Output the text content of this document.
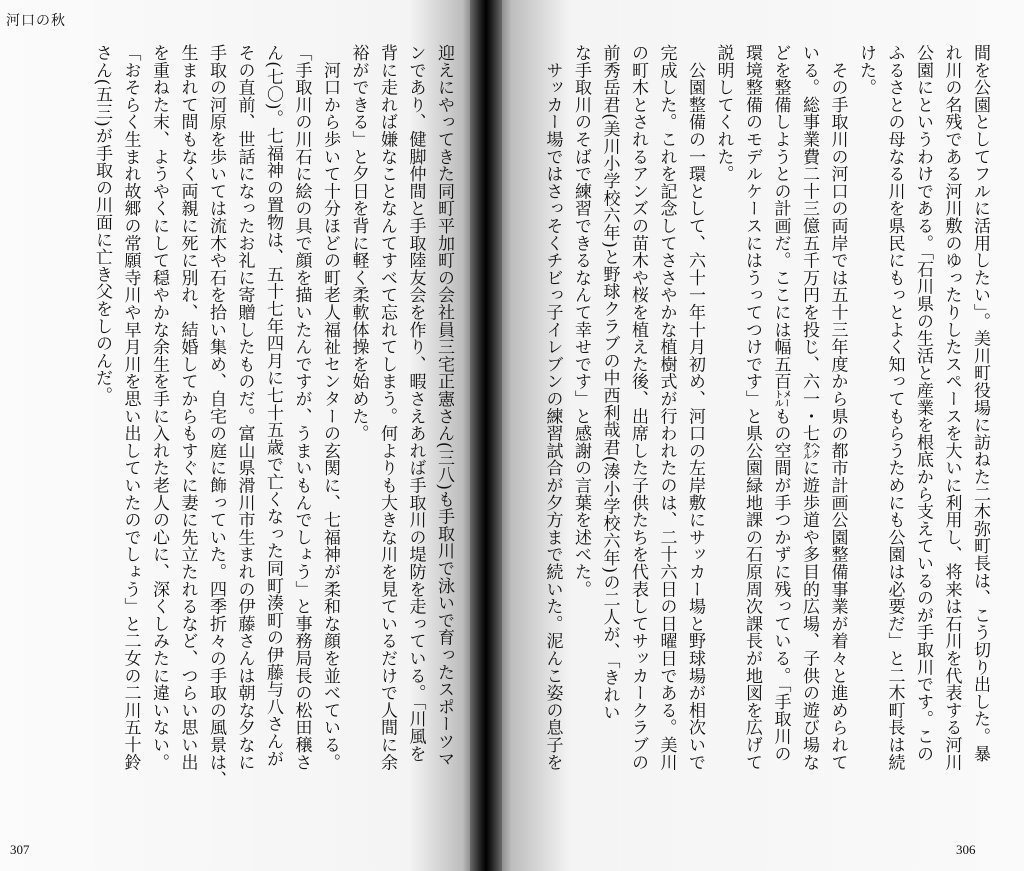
河口の秋
迎えにやってきた同町平加町の会社員三宅正憲さん(三八)も手取川で泳いで育ったスポーツマ
ンであり、健脚仲間と手取陸友会を作り、暇さえあれば手取川の堤防を走っている。「川風を
背に走れば嫌なことなんてすべて忘れてしまう。何よりも大きな川を見ているだけで人間に余
裕ができる」と夕日を背に軽く柔軟体操を始めた。
　河口から歩いて十分ほどの町老人福祉センターの玄関に、七福神が柔和な顔を並べている。
「手取川の川石に絵の具で顔を描いたんですが、うまいもんでしょう」と事務局長の松田穣さ
ん(七〇)。七福神の置物は、五十七年四月に七十五歳で亡くなった同町湊町の伊藤与八さんが
その直前、世話になったお礼に寄贈したものだ。富山県滑川市生まれの伊藤さんは朝な夕なに
手取の河原を歩いては流木や石を拾い集め、自宅の庭に飾っていた。四季折々の手取の風景は、
生まれて間もなく両親に死に別れ、結婚してからもすぐに妻に先立たれるなど、つらい思い出
を重ねた末、ようやくにして穏やかな余生を手に入れた老人の心に、深くしみたに違いない。
「おそらく生まれ故郷の常願寺川や早月川を思い出していたのでしょう」と二女の二川五十鈴
さん(五三)が手取の川面に亡き父をしのんだ。
307
間を公園としてフルに活用したい」。美川町役場に訪ねた二木弥町長は、こう切り出した。暴
れ川の名残である河川敷のゆったりしたスペースを大いに利用し、将来は石川を代表する河川
公園にというわけである。「石川県の生活と産業を根底から支えているのが手取川です。この
ふるさとの母なる川を県民にもっとよく知ってもらうためにも公園は必要だ」と二木町長は続
けた。
　その手取川の河口の両岸では五十三年度から県の都市計画公園整備事業が着々と進められて
いる。総事業費二十三億五千万円を投じ、六一・七㌶に遊歩道や多目的広場、子供の遊び場な
どを整備しようとの計画だ。ここには幅五百㍍もの空間が手つかずに残っている。「手取川の
環境整備のモデルケースにはうってつけです」と県公園緑地課の石原周次課長が地図を広げて
説明してくれた。
　公園整備の一環として、六十一年十月初め、河口の左岸敷にサッカー場と野球場が相次いで
完成した。これを記念してささやかな植樹式が行われたのは、二十六日の日曜日である。美川
の町木とされるアンズの苗木や桜を植えた後、出席した子供たちを代表してサッカークラブの
前秀岳君(美川小学校六年)と野球クラブの中西利哉君(湊小学校六年)の二人が、「きれい
な手取川のそばで練習できるなんて幸せです」と感謝の言葉を述べた。
　サッカー場ではさっそくチビっ子イレブンの練習試合が夕方まで続いた。泥んこ姿の息子を
306
